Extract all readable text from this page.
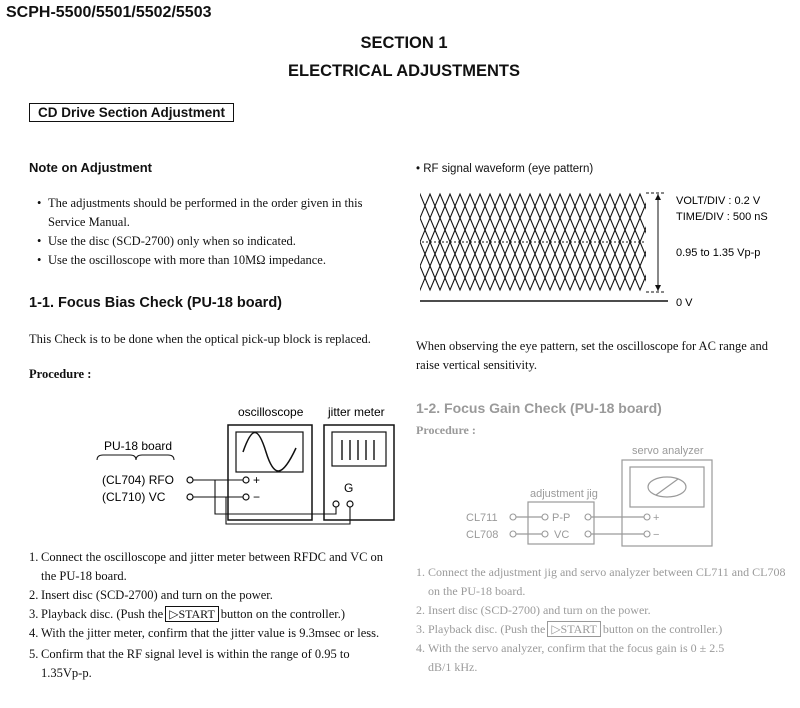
SCPH-5500/5501/5502/5503
SECTION 1
ELECTRICAL ADJUSTMENTS
CD Drive Section Adjustment
Note on Adjustment
• The adjustments should be performed in the order given in this Service Manual.
• Use the disc (SCD-2700) only when so indicated.
• Use the oscilloscope with more than 10MΩ impedance.
1-1. Focus Bias Check (PU-18 board)
This Check is to be done when the optical pick-up block is replaced.
Procedure :
oscilloscope jitter meter
PU-18 board
(CL704) RFO
(CL710) VC
+
−
G
1. Connect the oscilloscope and jitter meter between RFDC and VC on the PU-18 board.
2. Insert disc (SCD-2700) and turn on the power.
3. Playback disc. (Push the ▷START button on the controller.)
4. With the jitter meter, confirm that the jitter value is 9.3msec or less.
5. Confirm that the RF signal level is within the range of 0.95 to 1.35Vp-p.
• RF signal waveform (eye pattern)
VOLT/DIV : 0.2 V
TIME/DIV : 500 nS
0.95 to 1.35 Vp-p
0 V
When observing the eye pattern, set the oscilloscope for AC range and raise vertical sensitivity.
1-2. Focus Gain Check (PU-18 board)
Procedure :
servo analyzer
adjustment jig
CL711
CL708
P-P
VC
+
−
1. Connect the adjustment jig and servo analyzer between CL711 and CL708 on the PU-18 board.
2. Insert disc (SCD-2700) and turn on the power.
3. Playback disc. (Push the ▷START button on the controller.)
4. With the servo analyzer, confirm that the focus gain is 0 ± 2.5 dB/1 kHz.
